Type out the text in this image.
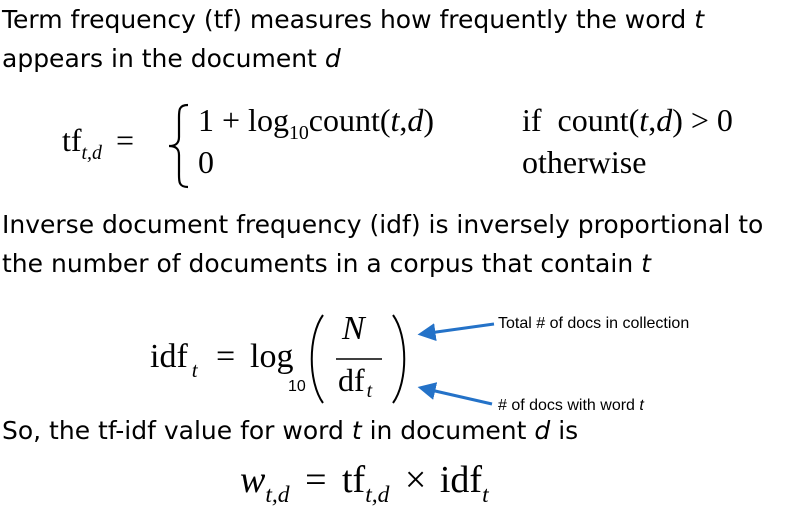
Term frequency (tf) measures how frequently the word t

appears in the document d

$tf_{t,d}$ =
$1 + \log_{10}count(t,d)$	if count(t,d) > 0
0	otherwise

Inverse document frequency (idf) is inversely proportional to

the number of documents in a corpus that contain t

idf $_t$ = log
10
N
df t
Total # of docs in collection
# of docs with word t

So, the tf-idf value for word t in document d is

$w_{t,d} = tf_{t,d} \times idf_t$
